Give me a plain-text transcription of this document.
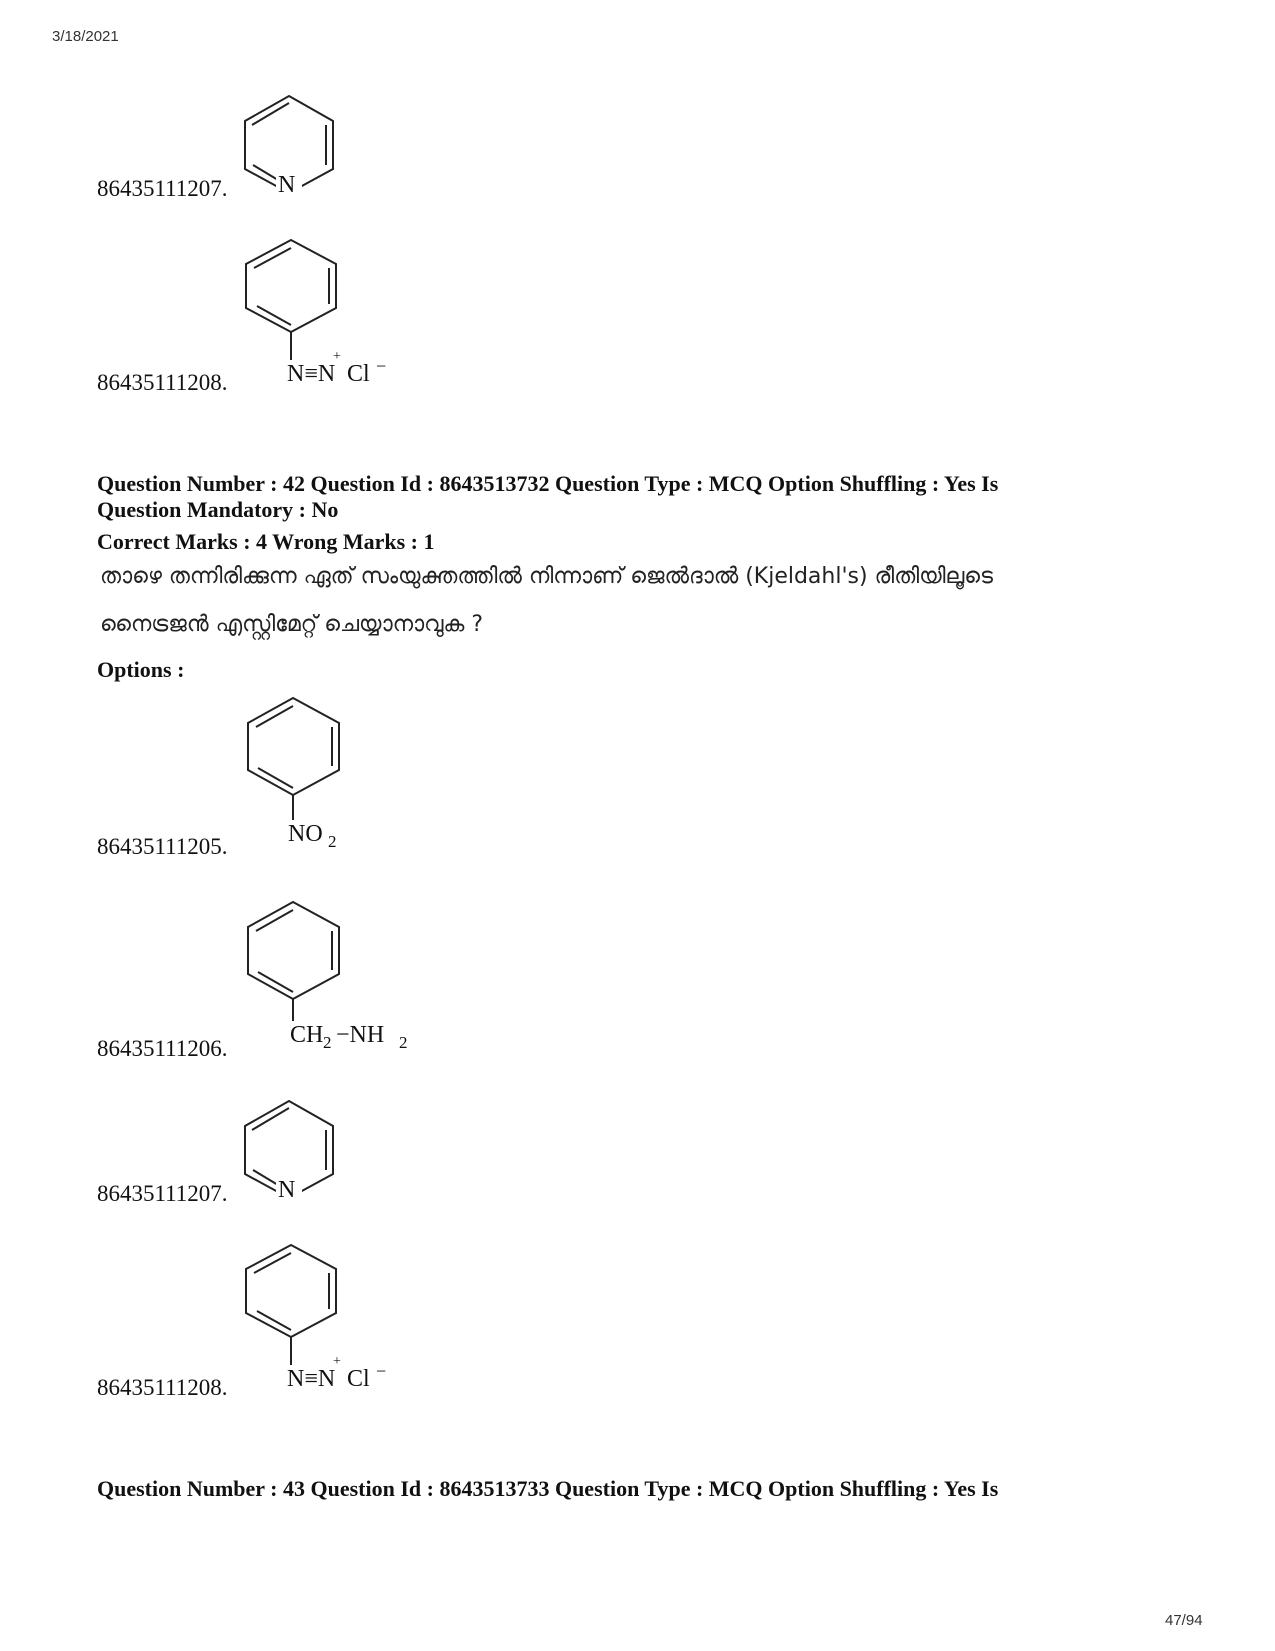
3/18/2021
86435111207. N
86435111208.
+
N≡N Cl −
Question Number : 42 Question Id : 8643513732 Question Type : MCQ Option Shuffling : Yes Is
Question Mandatory : No
Correct Marks : 4 Wrong Marks : 1
താഴെ തന്നിരിക്കുന്ന ഏത് സംയുക്തത്തിൽ നിന്നാണ് ജെൽദാൽ (Kjeldahl's) രീതിയിലൂടെ
നൈട്രജൻ എസ്റ്റിമേറ്റ് ചെയ്യാനാവുക ?
Options :
86435111205.	NO 2
86435111206.
CH 2 −NH 2
86435111207. N
86435111208.
+
N≡N Cl −
Question Number : 43 Question Id : 8643513733 Question Type : MCQ Option Shuffling : Yes Is
47/94
